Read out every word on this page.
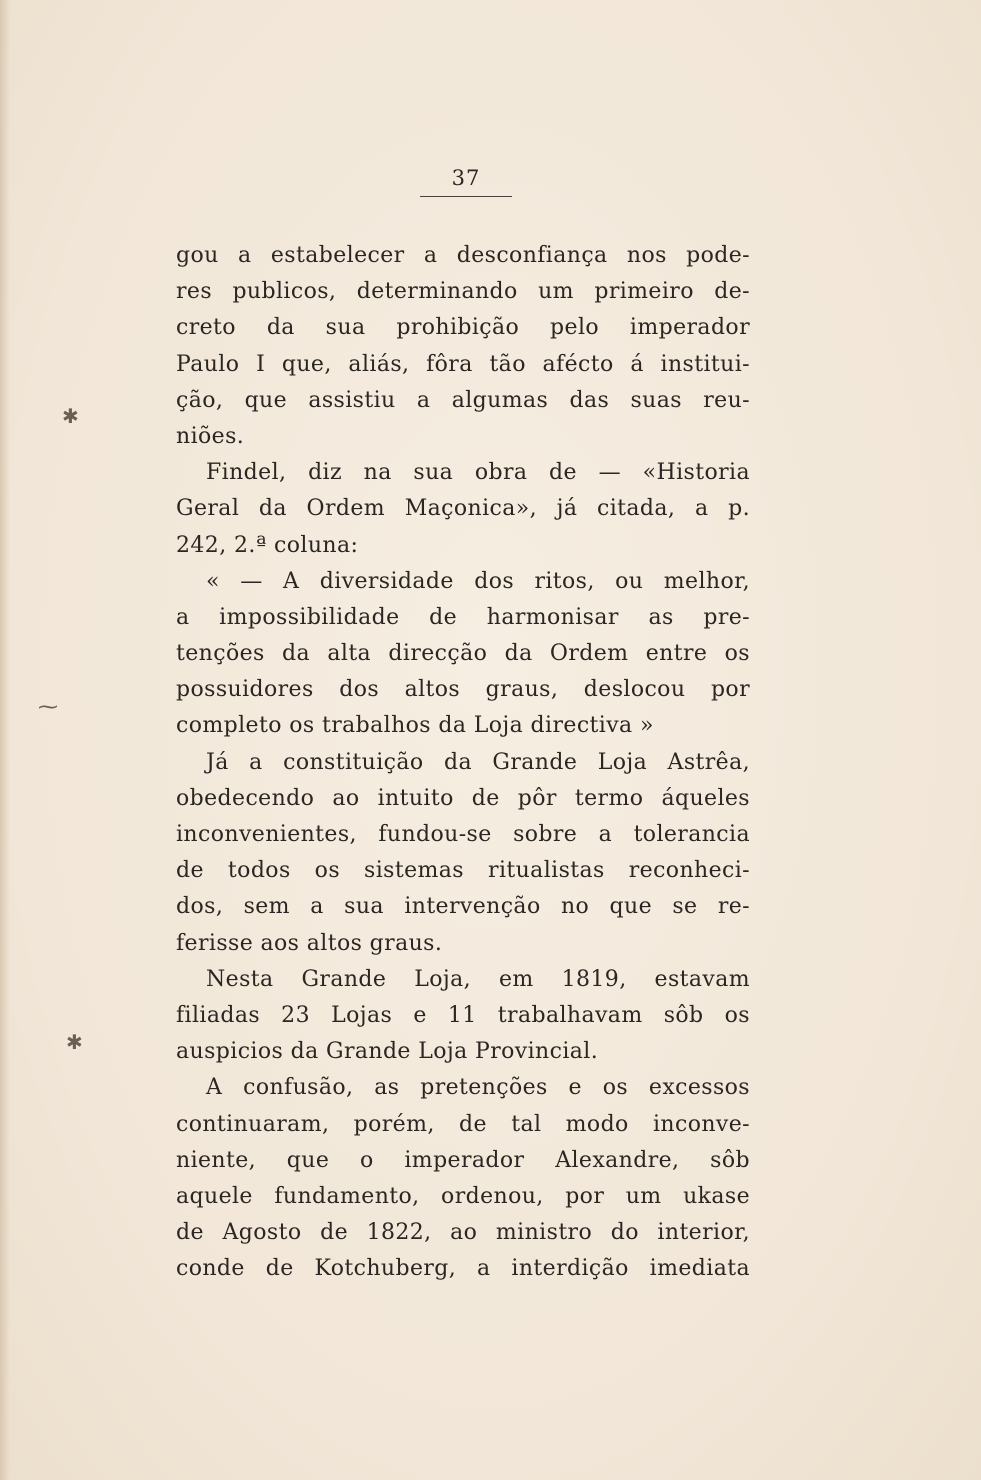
37
gou a estabelecer a desconfiança nos pode-
res publicos, determinando um primeiro de-
creto da sua prohibição pelo imperador
Paulo I que, aliás, fôra tão afécto á institui-
ção, que assistiu a algumas das suas reu-
niões.
Findel, diz na sua obra de — «Historia
Geral da Ordem Maçonica», já citada, a p.
242, 2.ª coluna:
« — A diversidade dos ritos, ou melhor,
a impossibilidade de harmonisar as pre-
tenções da alta direcção da Ordem entre os
possuidores dos altos graus, deslocou por
completo os trabalhos da Loja directiva »
Já a constituição da Grande Loja Astrêa,
obedecendo ao intuito de pôr termo áqueles
inconvenientes, fundou-se sobre a tolerancia
de todos os sistemas ritualistas reconheci-
dos, sem a sua intervenção no que se re-
ferisse aos altos graus.
Nesta Grande Loja, em 1819, estavam
filiadas 23 Lojas e 11 trabalhavam sôb os
auspicios da Grande Loja Provincial.
A confusão, as pretenções e os excessos
continuaram, porém, de tal modo inconve-
niente, que o imperador Alexandre, sôb
aquele fundamento, ordenou, por um ukase
de Agosto de 1822, ao ministro do interior,
conde de Kotchuberg, a interdição imediata
✱
⁓
✱
